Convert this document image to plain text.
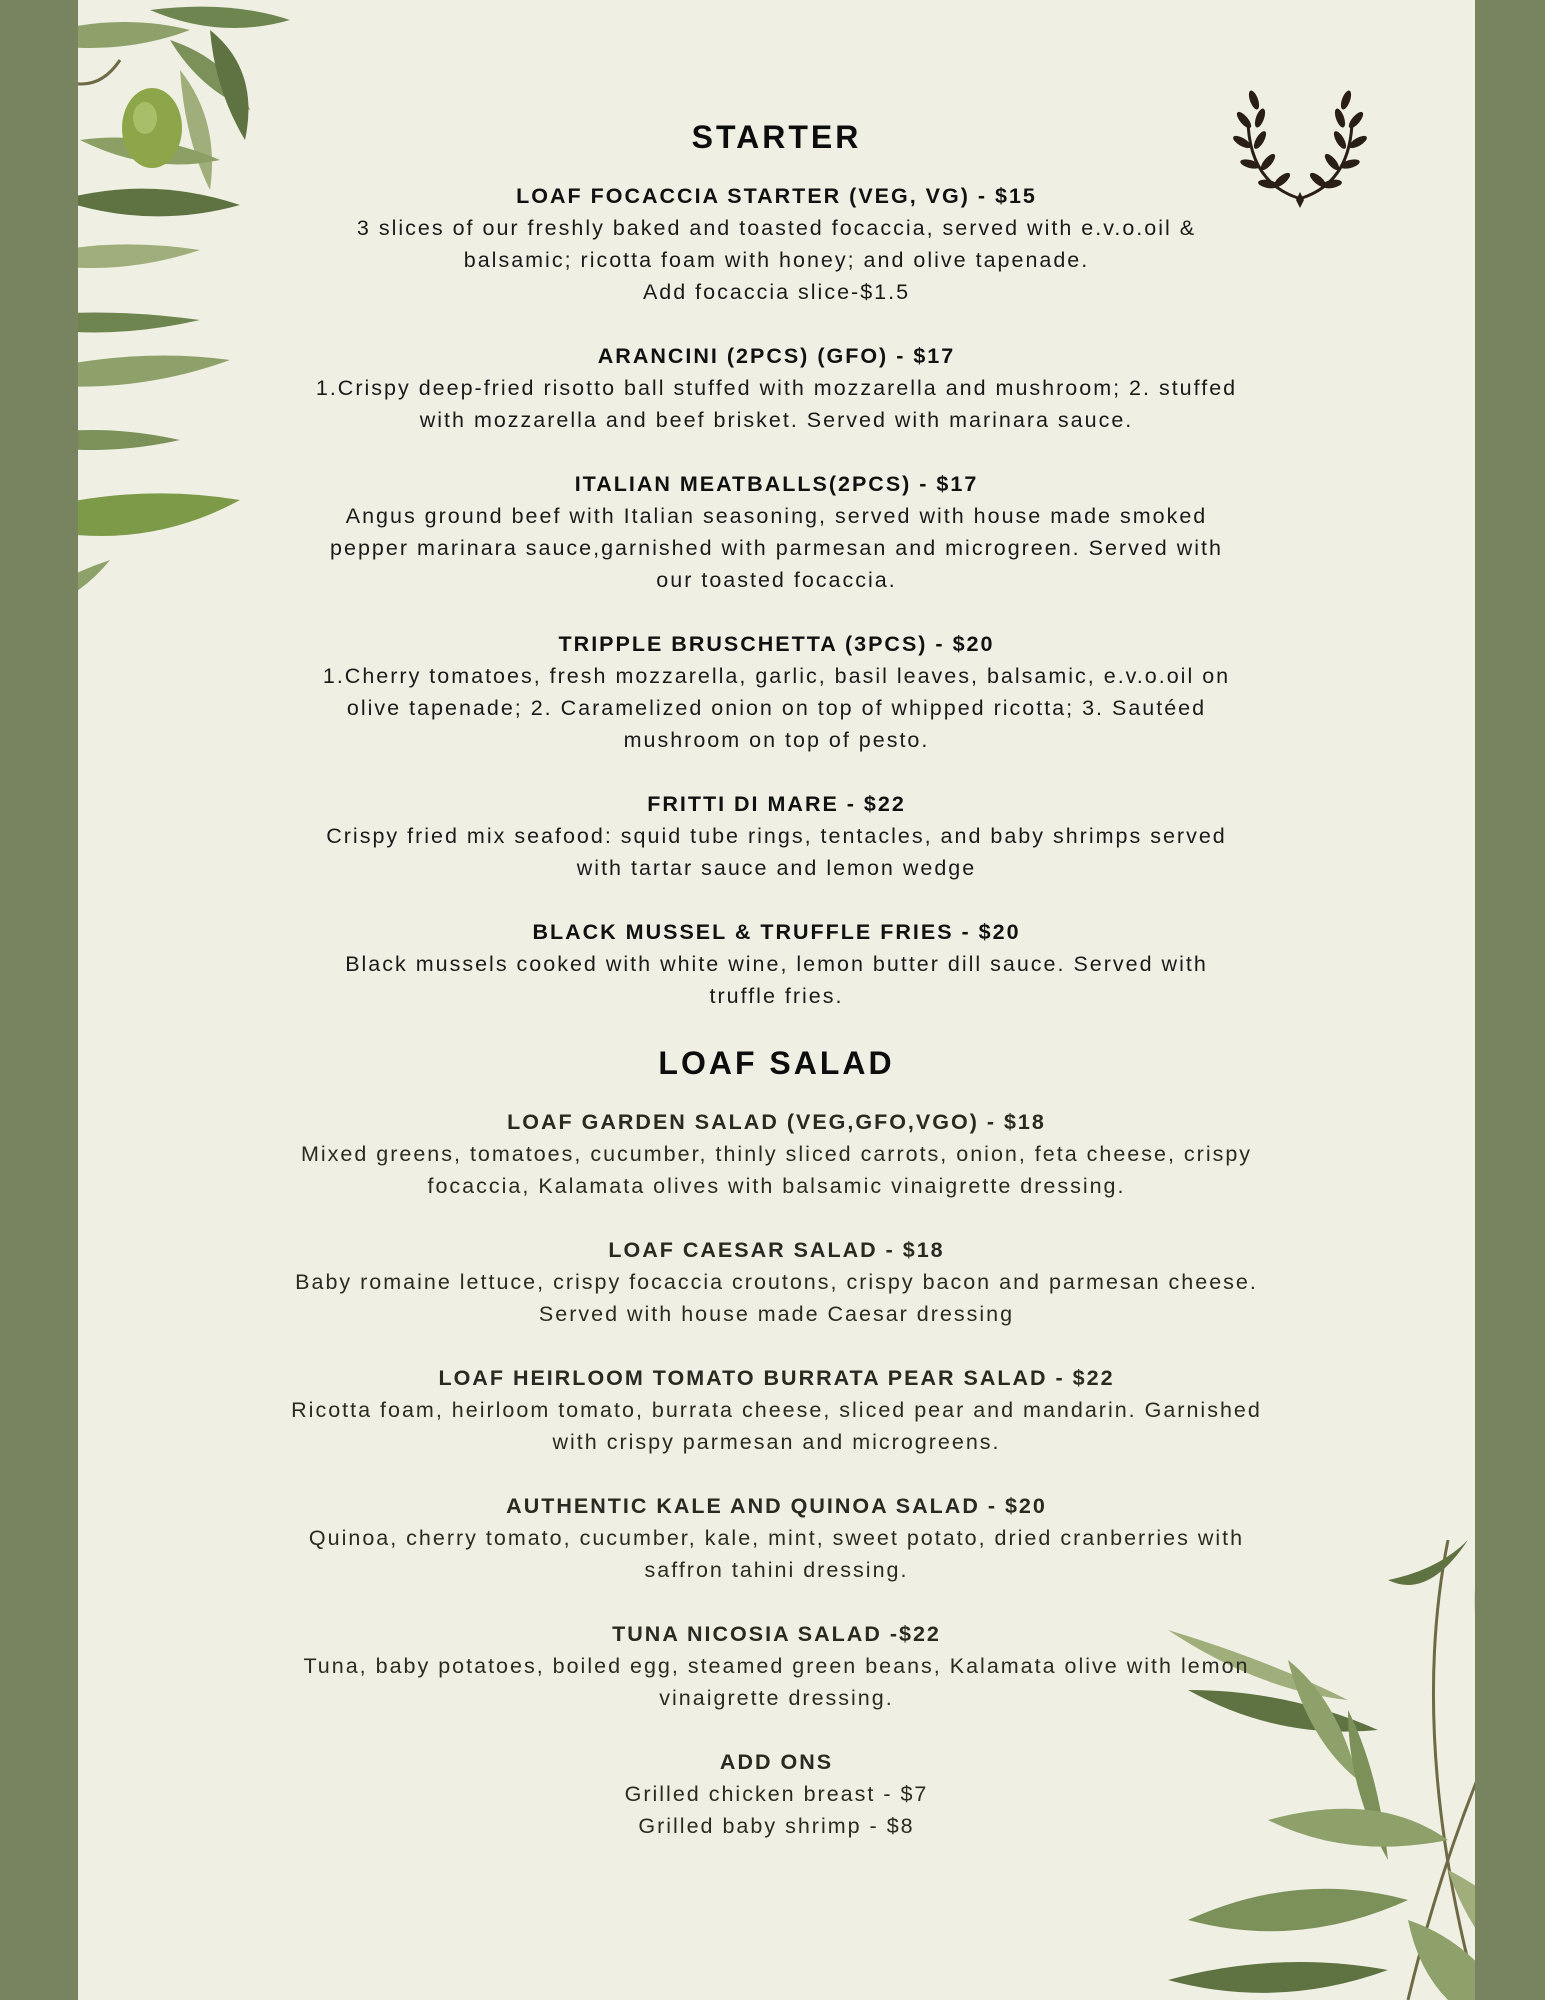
STARTER
LOAF FOCACCIA STARTER (VEG, VG) - $15
3 slices of our freshly baked and toasted focaccia, served with e.v.o.oil &
balsamic; ricotta foam with honey; and olive tapenade.
Add focaccia slice-$1.5
ARANCINI (2PCS) (GFO) - $17
1.Crispy deep-fried risotto ball stuffed with mozzarella and mushroom; 2. stuffed
with mozzarella and beef brisket. Served with marinara sauce.
ITALIAN MEATBALLS(2PCS) - $17
Angus ground beef with Italian seasoning, served with house made smoked
pepper marinara sauce,garnished with parmesan and microgreen. Served with
our toasted focaccia.
TRIPPLE BRUSCHETTA (3PCS) - $20
1.Cherry tomatoes, fresh mozzarella, garlic, basil leaves, balsamic, e.v.o.oil on
olive tapenade; 2. Caramelized onion on top of whipped ricotta; 3. Sautéed
mushroom on top of pesto.
FRITTI DI MARE - $22
Crispy fried mix seafood: squid tube rings, tentacles, and baby shrimps served
with tartar sauce and lemon wedge
BLACK MUSSEL & TRUFFLE FRIES - $20
Black mussels cooked with white wine, lemon butter dill sauce. Served with
truffle fries.
LOAF SALAD
LOAF GARDEN SALAD (VEG,GFO,VGO) - $18
Mixed greens, tomatoes, cucumber, thinly sliced carrots, onion, feta cheese, crispy
focaccia, Kalamata olives with balsamic vinaigrette dressing.
LOAF CAESAR SALAD - $18
Baby romaine lettuce, crispy focaccia croutons, crispy bacon and parmesan cheese.
Served with house made Caesar dressing
LOAF HEIRLOOM TOMATO BURRATA PEAR SALAD - $22
Ricotta foam, heirloom tomato, burrata cheese, sliced pear and mandarin. Garnished
with crispy parmesan and microgreens.
AUTHENTIC KALE AND QUINOA SALAD - $20
Quinoa, cherry tomato, cucumber, kale, mint, sweet potato, dried cranberries with
saffron tahini dressing.
TUNA NICOSIA SALAD -$22
Tuna, baby potatoes, boiled egg, steamed green beans, Kalamata olive with lemon
vinaigrette dressing.
ADD ONS
Grilled chicken breast - $7
Grilled baby shrimp - $8
